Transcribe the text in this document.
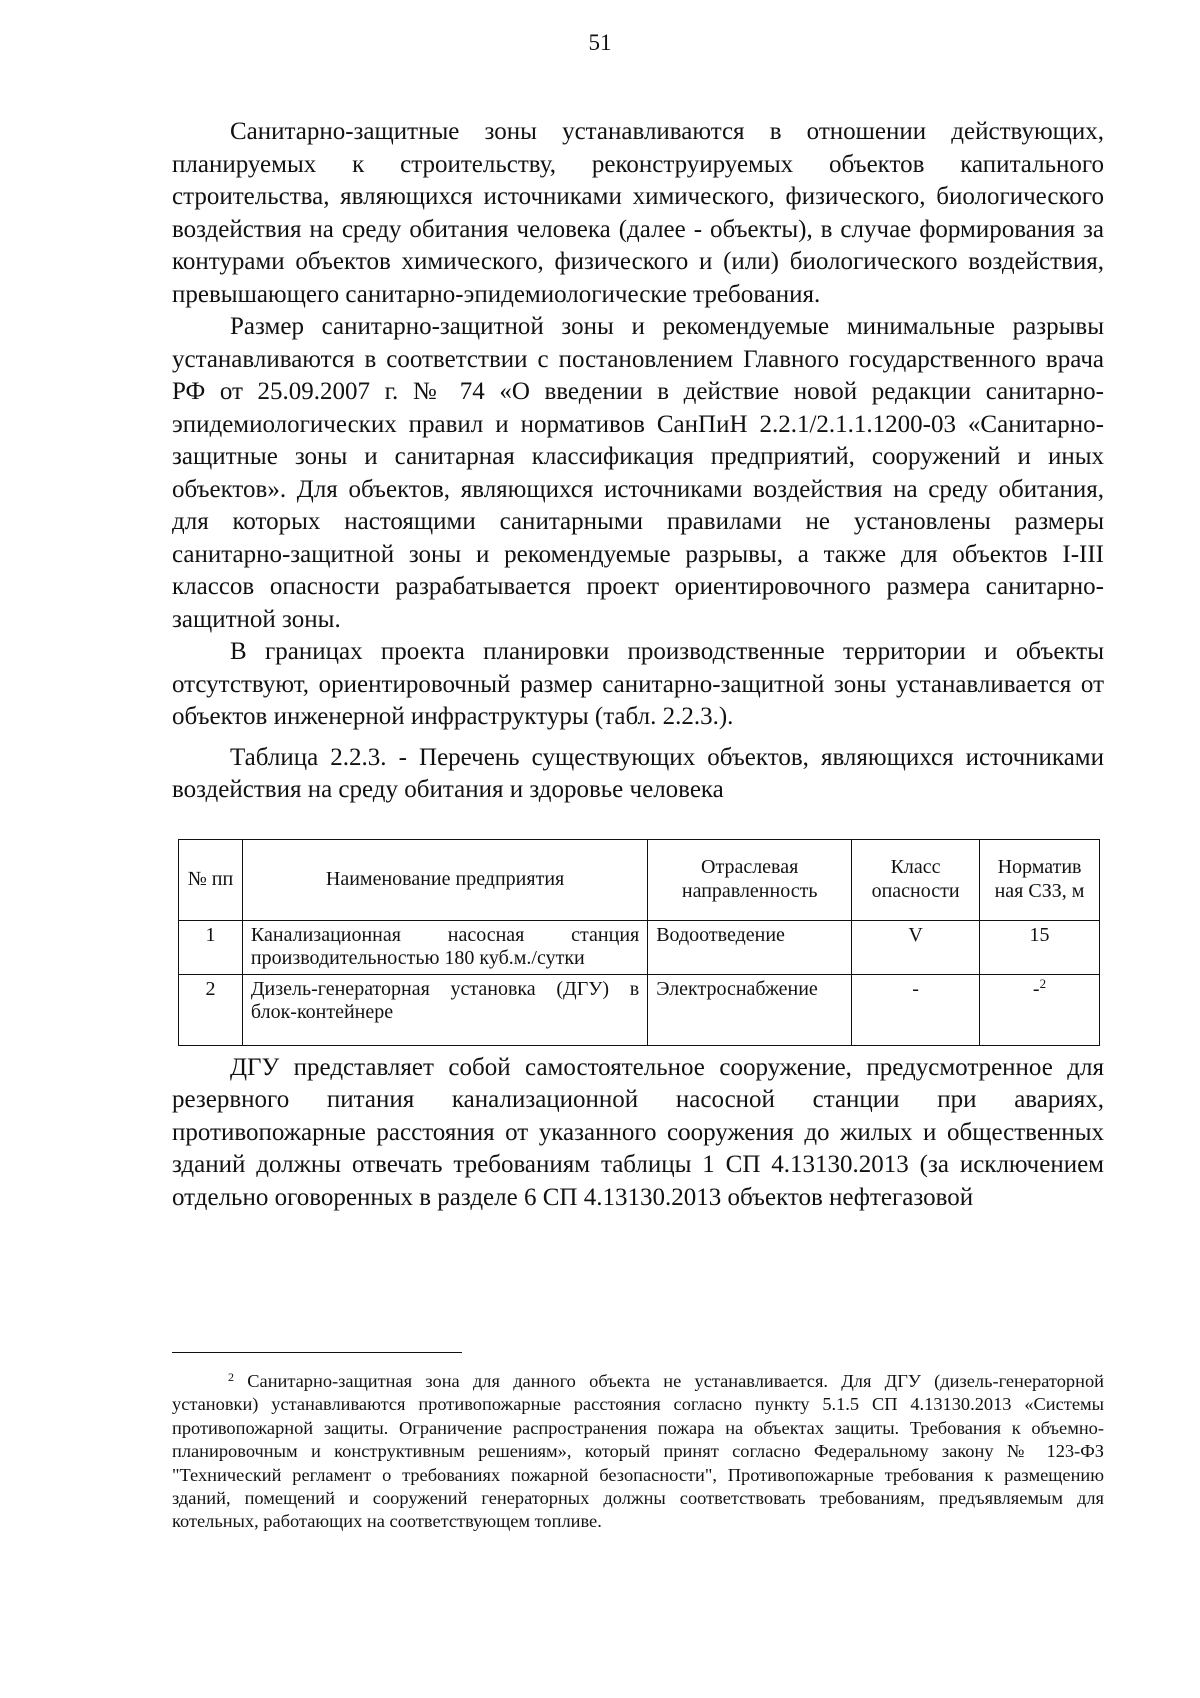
51

Санитарно-защитные зоны устанавливаются в отношении действующих, планируемых к строительству, реконструируемых объектов капитального строительства, являющихся источниками химического, физического, биологического воздействия на среду обитания человека (далее - объекты), в случае формирования за контурами объектов химического, физического и (или) биологического воздействия, превышающего санитарно-эпидемиологические требования.

Размер санитарно-защитной зоны и рекомендуемые минимальные разрывы устанавливаются в соответствии с постановлением Главного государственного врача РФ от 25.09.2007 г. № 74 «О введении в действие новой редакции санитарно-эпидемиологических правил и нормативов СанПиН 2.2.1/2.1.1.1200-03 «Санитарно-защитные зоны и санитарная классификация предприятий, сооружений и иных объектов». Для объектов, являющихся источниками воздействия на среду обитания, для которых настоящими санитарными правилами не установлены размеры санитарно-защитной зоны и рекомендуемые разрывы, а также для объектов I-III классов опасности разрабатывается проект ориентировочного размера санитарно-защитной зоны.

В границах проекта планировки производственные территории и объекты отсутствуют, ориентировочный размер санитарно-защитной зоны устанавливается от объектов инженерной инфраструктуры (табл. 2.2.3.).

Таблица 2.2.3. - Перечень существующих объектов, являющихся источниками воздействия на среду обитания и здоровье человека

№ пп	Наименование предприятия	Отраслевая направленность	Класс опасности	Норматив ная СЗЗ, м
1	Канализационная насосная станция производительностью 180 куб.м./сутки	Водоотведение	V	15
2	Дизель-генераторная установка (ДГУ) в блок-контейнере	Электроснабжение	-	-$^2$

ДГУ представляет собой самостоятельное сооружение, предусмотренное для резервного питания канализационной насосной станции при авариях, противопожарные расстояния от указанного сооружения до жилых и общественных зданий должны отвечать требованиям таблицы 1 СП 4.13130.2013 (за исключением отдельно оговоренных в разделе 6 СП 4.13130.2013 объектов нефтегазовой

$^2$ Санитарно-защитная зона для данного объекта не устанавливается. Для ДГУ (дизель-генераторной установки) устанавливаются противопожарные расстояния согласно пункту 5.1.5 СП 4.13130.2013 «Системы противопожарной защиты. Ограничение распространения пожара на объектах защиты. Требования к объемно-планировочным и конструктивным решениям», который принят согласно Федеральному закону № 123-ФЗ "Технический регламент о требованиях пожарной безопасности", Противопожарные требования к размещению зданий, помещений и сооружений генераторных должны соответствовать требованиям, предъявляемым для котельных, работающих на соответствующем топливе.
